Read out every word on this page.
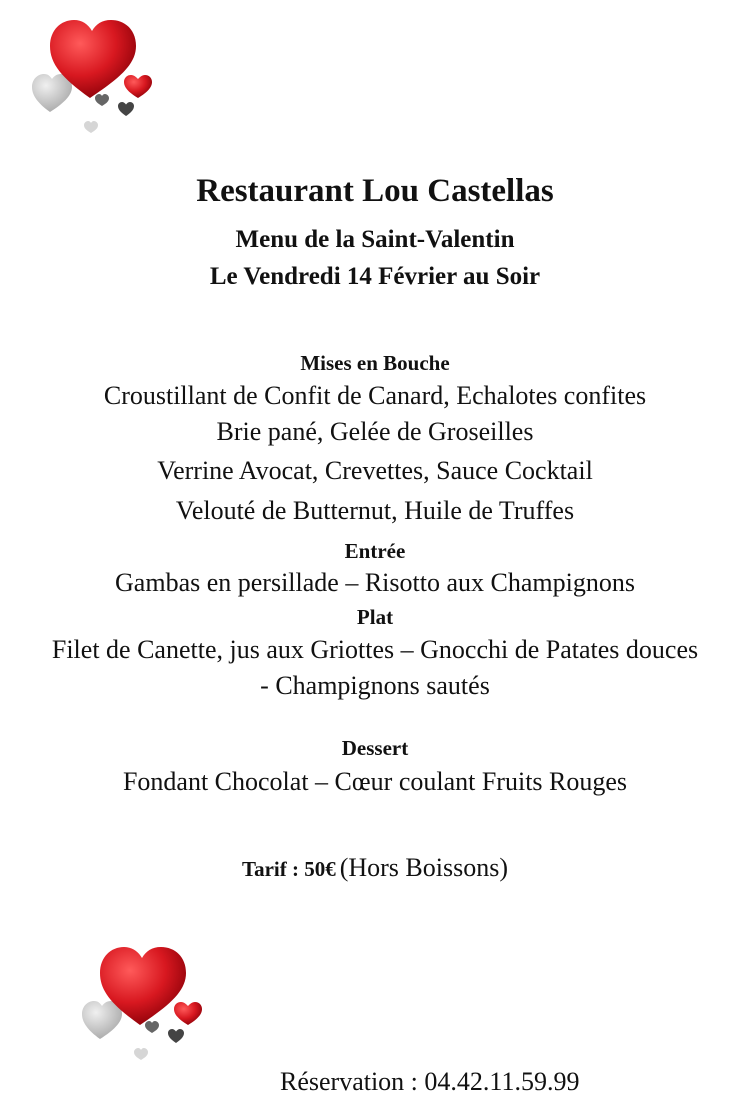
Restaurant Lou Castellas
Menu de la Saint-Valentin
Le Vendredi 14 Février au Soir
Mises en Bouche
Croustillant de Confit de Canard, Echalotes confites
Brie pané, Gelée de Groseilles
Verrine Avocat, Crevettes, Sauce Cocktail
Velouté de Butternut, Huile de Truffes
Entrée
Gambas en persillade – Risotto aux Champignons
Plat
Filet de Canette, jus aux Griottes – Gnocchi de Patates douces
- Champignons sautés
Dessert
Fondant Chocolat – Cœur coulant Fruits Rouges
Tarif : 50€ (Hors Boissons)
Réservation : 04.42.11.59.99
